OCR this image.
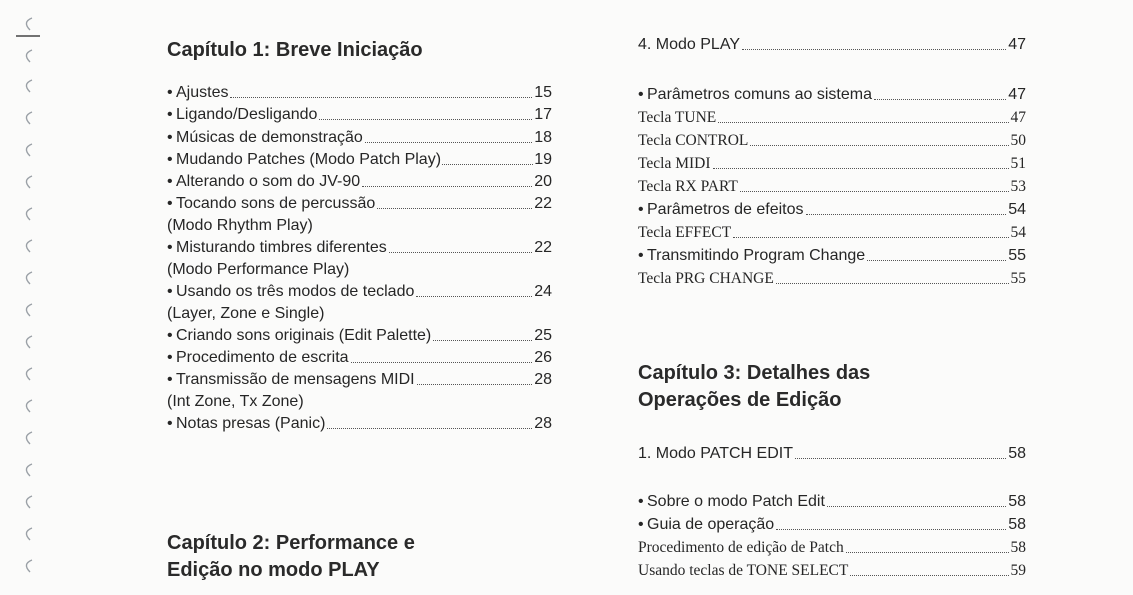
Capítulo 1: Breve Iniciação
• Ajustes	15
• Ligando/Desligando	17
• Músicas de demonstração	18
• Mudando Patches (Modo Patch Play)	19
• Alterando o som do JV-90	20
• Tocando sons de percussão	22
(Modo Rhythm Play)
• Misturando timbres diferentes	22
(Modo Performance Play)
• Usando os três modos de teclado	24
(Layer, Zone e Single)
• Criando sons originais (Edit Palette)	25
• Procedimento de escrita	26
• Transmissão de mensagens MIDI	28
(Int Zone, Tx Zone)
• Notas presas (Panic)	28
Capítulo 2: Performance e
Edição no modo PLAY
4. Modo PLAY	47
• Parâmetros comuns ao sistema	47
Tecla TUNE	47
Tecla CONTROL	50
Tecla MIDI	51
Tecla RX PART	53
• Parâmetros de efeitos	54
Tecla EFFECT	54
• Transmitindo Program Change	55
Tecla PRG CHANGE	55
Capítulo 3: Detalhes das
Operações de Edição
1. Modo PATCH EDIT	58
• Sobre o modo Patch Edit	58
• Guia de operação	58
Procedimento de edição de Patch	58
Usando teclas de TONE SELECT	59
